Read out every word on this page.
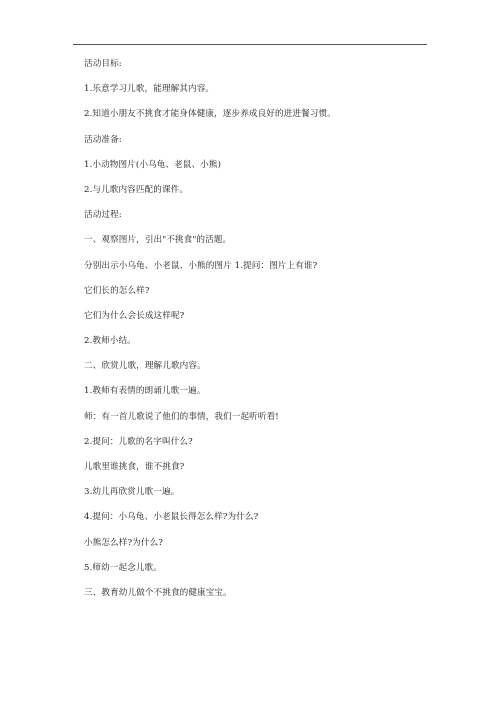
活动目标:
1.乐意学习儿歌，能理解其内容。
2.知道小朋友不挑食才能身体健康，逐步养成良好的进进餐习惯。
活动准备:
1.小动物图片(小乌龟、老鼠、小熊)
2.与儿歌内容匹配的课件。
活动过程:
一、观察图片，引出"不挑食"的活题。
分别出示小乌龟、小老鼠、小熊的图片 1.提问：图片上有谁?
它们长的怎么样?
它们为什么会长成这样呢?
2.教师小结。
二、欣赏儿歌，理解儿歌内容。
1.教师有表情的朗诵儿歌一遍。
师：有一首儿歌说了他们的事情，我们一起听听看!
2.提问：儿歌的名字叫什么?
儿歌里谁挑食，谁不挑食?
3.幼儿再欣赏儿歌一遍。
4.提问：小乌龟、小老鼠长得怎么样?为什么?
小熊怎么样?为什么?
5.师幼一起念儿歌。
三、教育幼儿做个不挑食的健康宝宝。
